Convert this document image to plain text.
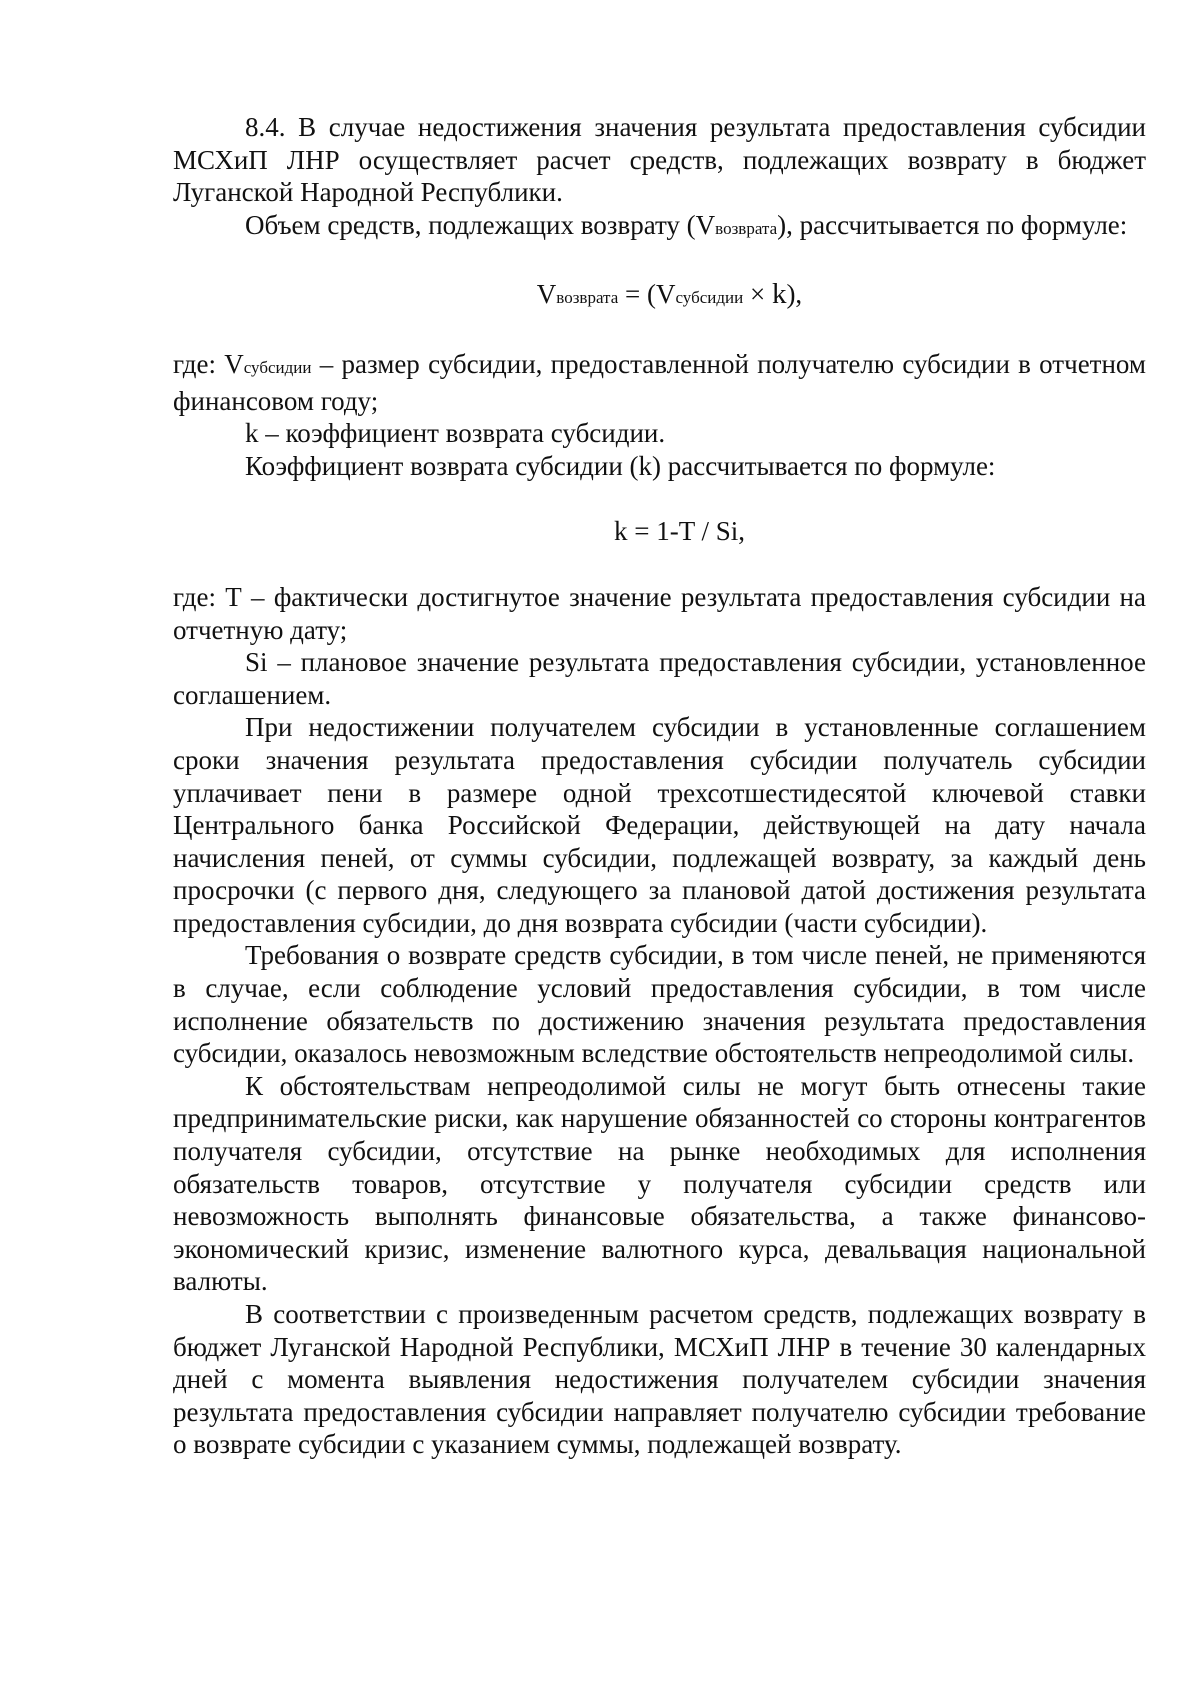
8.4. В случае недостижения значения результата предоставления субсидии МСХиП ЛНР осуществляет расчет средств, подлежащих возврату в бюджет Луганской Народной Республики.

Объем средств, подлежащих возврату (Vвозврата), рассчитывается по формуле:

Vвозврата = (Vсубсидии × k),

где: Vсубсидии – размер субсидии, предоставленной получателю субсидии в отчетном финансовом году;

k – коэффициент возврата субсидии.

Коэффициент возврата субсидии (k) рассчитывается по формуле:

k = 1-T / Si,

где: Т – фактически достигнутое значение результата предоставления субсидии на отчетную дату;

Si – плановое значение результата предоставления субсидии, установленное соглашением.

При недостижении получателем субсидии в установленные соглашением сроки значения результата предоставления субсидии получатель субсидии уплачивает пени в размере одной трехсотшестидесятой ключевой ставки Центрального банка Российской Федерации, действующей на дату начала начисления пеней, от суммы субсидии, подлежащей возврату, за каждый день просрочки (с первого дня, следующего за плановой датой достижения результата предоставления субсидии, до дня возврата субсидии (части субсидии).

Требования о возврате средств субсидии, в том числе пеней, не применяются в случае, если соблюдение условий предоставления субсидии, в том числе исполнение обязательств по достижению значения результата предоставления субсидии, оказалось невозможным вследствие обстоятельств непреодолимой силы.

К обстоятельствам непреодолимой силы не могут быть отнесены такие предпринимательские риски, как нарушение обязанностей со стороны контрагентов получателя субсидии, отсутствие на рынке необходимых для исполнения обязательств товаров, отсутствие у получателя субсидии средств или невозможность выполнять финансовые обязательства, а также финансово-экономический кризис, изменение валютного курса, девальвация национальной валюты.

В соответствии с произведенным расчетом средств, подлежащих возврату в бюджет Луганской Народной Республики, МСХиП ЛНР в течение 30 календарных дней с момента выявления недостижения получателем субсидии значения результата предоставления субсидии направляет получателю субсидии требование о возврате субсидии с указанием суммы, подлежащей возврату.
